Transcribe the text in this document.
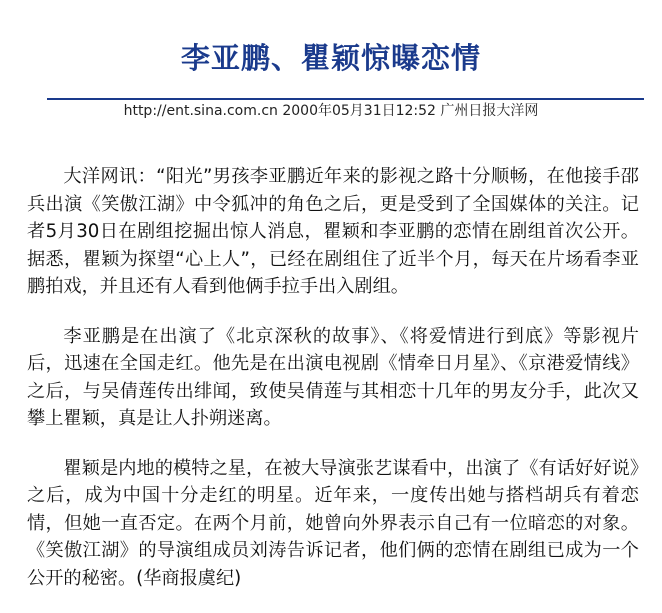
李亚鹏、瞿颖惊曝恋情
http://ent.sina.com.cn 2000年05月31日12:52 广州日报大洋网

大洋网讯：“阳光”男孩李亚鹏近年来的影视之路十分顺畅，在他接手邵兵出演《笑傲江湖》中令狐冲的角色之后，更是受到了全国媒体的关注。记者5月30日在剧组挖掘出惊人消息，瞿颖和李亚鹏的恋情在剧组首次公开。据悉，瞿颖为探望“心上人”，已经在剧组住了近半个月，每天在片场看李亚鹏拍戏，并且还有人看到他俩手拉手出入剧组。

李亚鹏是在出演了《北京深秋的故事》、《将爱情进行到底》等影视片后，迅速在全国走红。他先是在出演电视剧《情牵日月星》、《京港爱情线》之后，与吴倩莲传出绯闻，致使吴倩莲与其相恋十几年的男友分手，此次又攀上瞿颖，真是让人扑朔迷离。

瞿颖是内地的模特之星，在被大导演张艺谋看中，出演了《有话好好说》之后，成为中国十分走红的明星。近年来，一度传出她与搭档胡兵有着恋情，但她一直否定。在两个月前，她曾向外界表示自己有一位暗恋的对象。《笑傲江湖》的导演组成员刘涛告诉记者，他们俩的恋情在剧组已成为一个公开的秘密。(华商报虞纪)
